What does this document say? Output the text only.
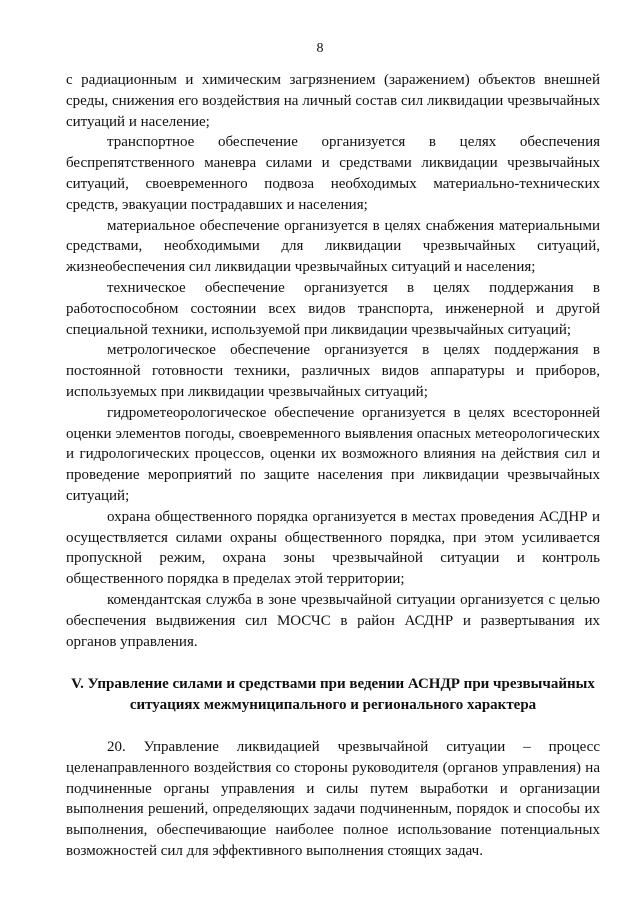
8

с радиационным и химическим загрязнением (заражением) объектов внешней среды, снижения его воздействия на личный состав сил ликвидации чрезвычайных ситуаций и население;

транспортное обеспечение организуется в целях обеспечения беспрепятственного маневра силами и средствами ликвидации чрезвычайных ситуаций, своевременного подвоза необходимых материально-технических средств, эвакуации пострадавших и населения;

материальное обеспечение организуется в целях снабжения материальными средствами, необходимыми для ликвидации чрезвычайных ситуаций, жизнеобеспечения сил ликвидации чрезвычайных ситуаций и населения;

техническое обеспечение организуется в целях поддержания в работоспособном состоянии всех видов транспорта, инженерной и другой специальной техники, используемой при ликвидации чрезвычайных ситуаций;

метрологическое обеспечение организуется в целях поддержания в постоянной готовности техники, различных видов аппаратуры и приборов, используемых при ликвидации чрезвычайных ситуаций;

гидрометеорологическое обеспечение организуется в целях всесторонней оценки элементов погоды, своевременного выявления опасных метеорологических и гидрологических процессов, оценки их возможного влияния на действия сил и проведение мероприятий по защите населения при ликвидации чрезвычайных ситуаций;

охрана общественного порядка организуется в местах проведения АСДНР и осуществляется силами охраны общественного порядка, при этом усиливается пропускной режим, охрана зоны чрезвычайной ситуации и контроль общественного порядка в пределах этой территории;

комендантская служба в зоне чрезвычайной ситуации организуется с целью обеспечения выдвижения сил МОСЧС в район АСДНР и развертывания их органов управления.

V. Управление силами и средствами при ведении АСНДР при чрезвычайных
ситуациях межмуниципального и регионального характера

20. Управление ликвидацией чрезвычайной ситуации – процесс целенаправленного воздействия со стороны руководителя (органов управления) на подчиненные органы управления и силы путем выработки и организации выполнения решений, определяющих задачи подчиненным, порядок и способы их выполнения, обеспечивающие наиболее полное использование потенциальных возможностей сил для эффективного выполнения стоящих задач.
